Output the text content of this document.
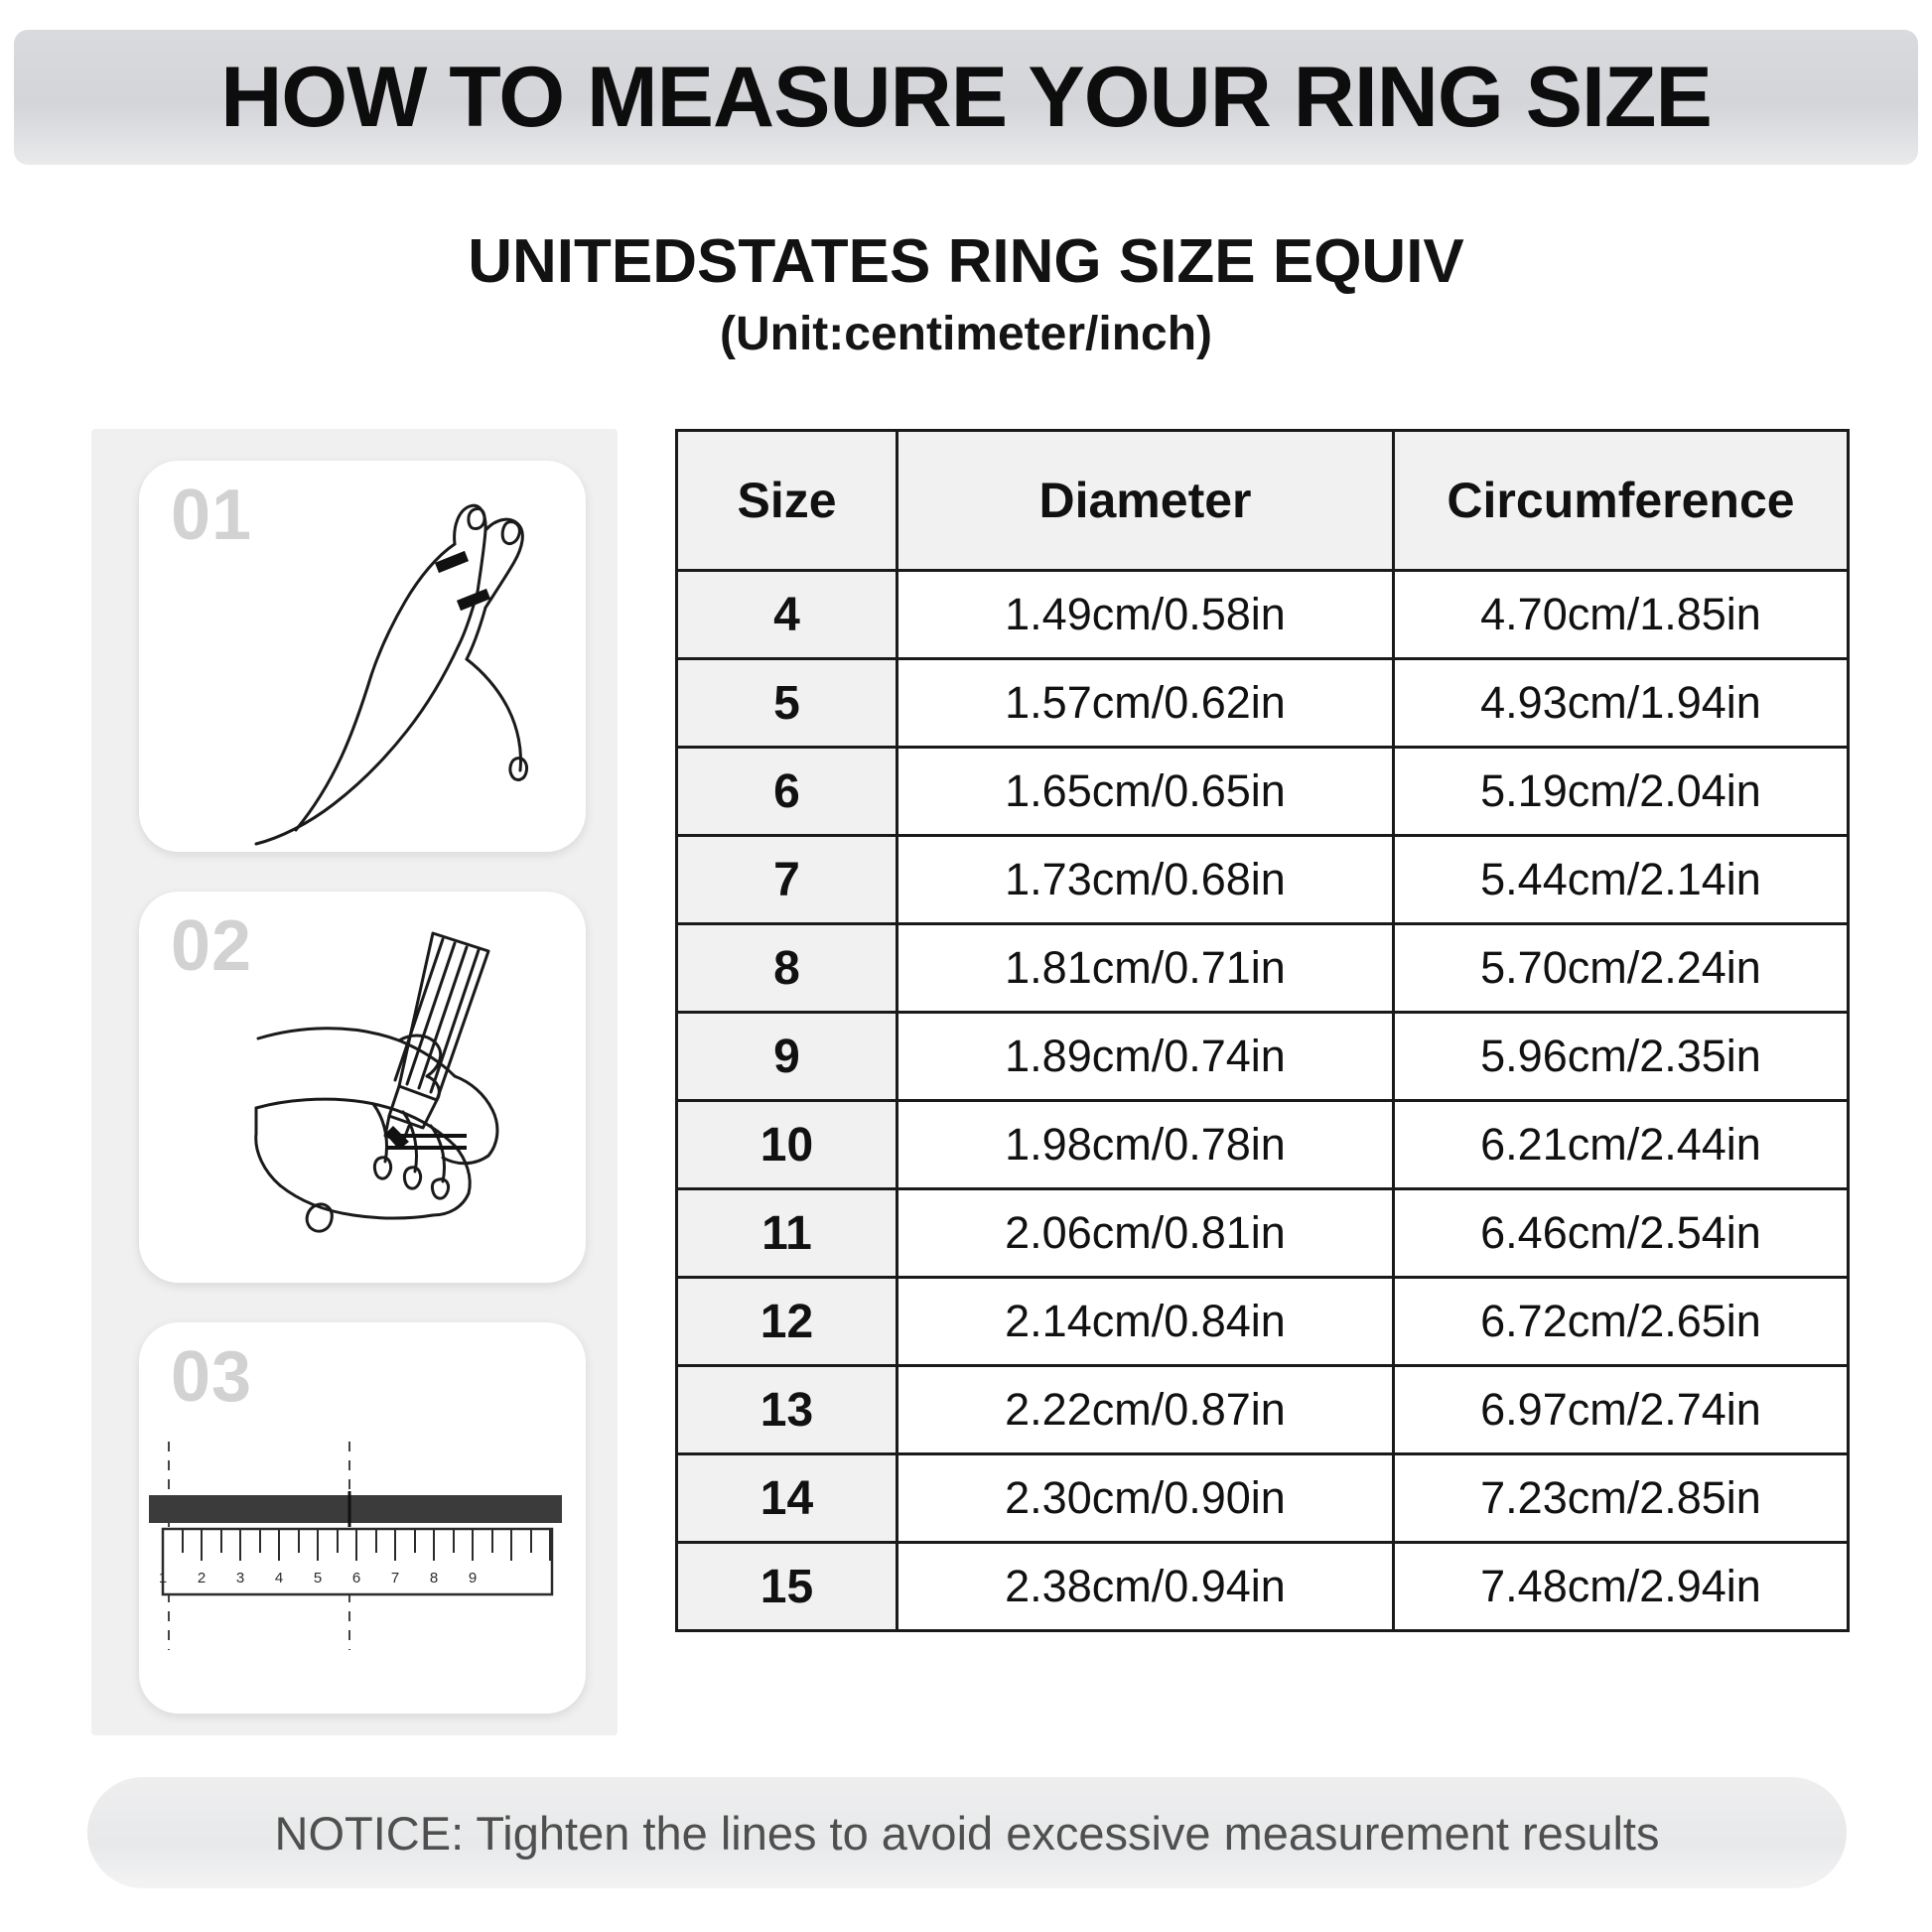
HOW TO MEASURE YOUR RING SIZE
UNITEDSTATES RING SIZE EQUIV
(Unit:centimeter/inch)
01
02
03
1 2 3 4 5 6 7 8 9
Size	Diameter	Circumference
4	1.49cm/0.58in	4.70cm/1.85in
5	1.57cm/0.62in	4.93cm/1.94in
6	1.65cm/0.65in	5.19cm/2.04in
7	1.73cm/0.68in	5.44cm/2.14in
8	1.81cm/0.71in	5.70cm/2.24in
9	1.89cm/0.74in	5.96cm/2.35in
10	1.98cm/0.78in	6.21cm/2.44in
11	2.06cm/0.81in	6.46cm/2.54in
12	2.14cm/0.84in	6.72cm/2.65in
13	2.22cm/0.87in	6.97cm/2.74in
14	2.30cm/0.90in	7.23cm/2.85in
15	2.38cm/0.94in	7.48cm/2.94in
NOTICE: Tighten the lines to avoid excessive measurement results
